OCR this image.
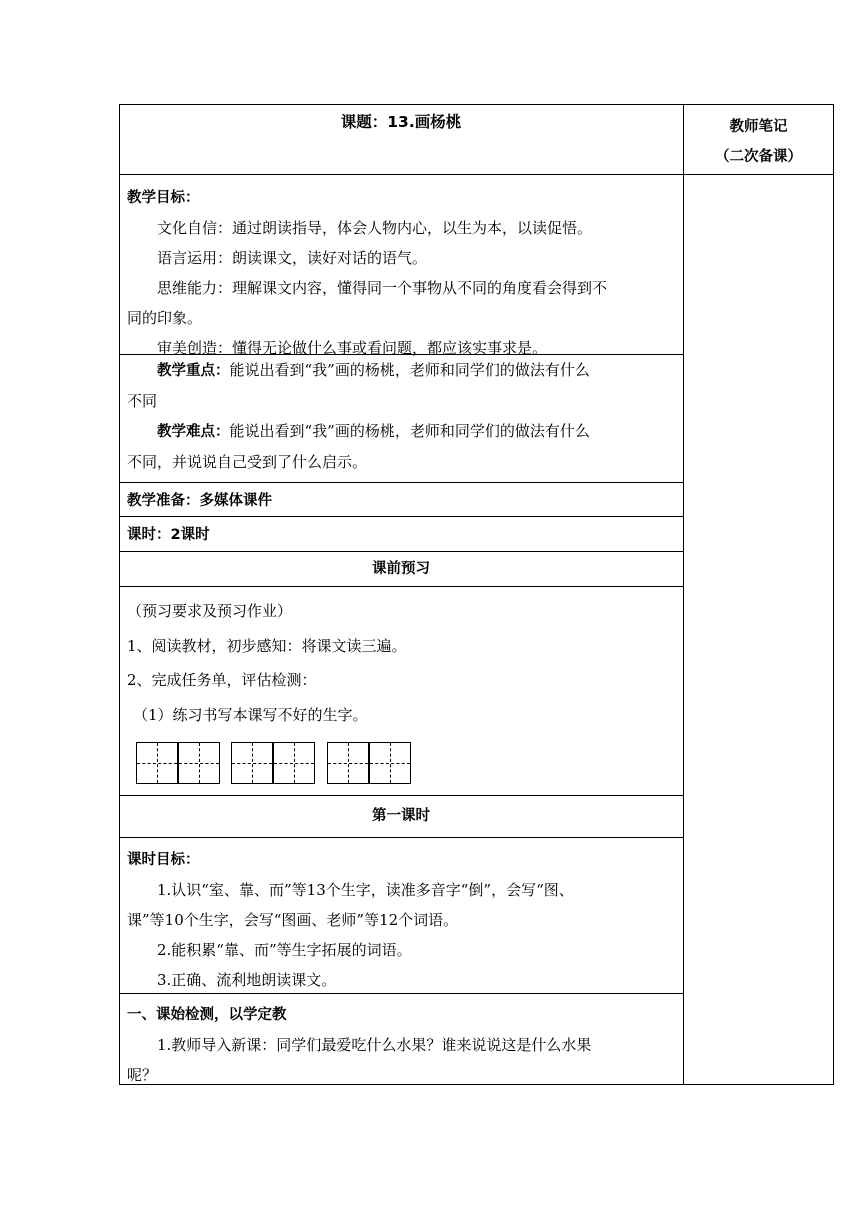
课题：13.画杨桃	教师笔记

（二次备课）

教学目标：

文化自信：通过朗读指导，体会人物内心，以生为本，以读促悟。

语言运用：朗读课文，读好对话的语气。

思维能力：理解课文内容，懂得同一个事物从不同的角度看会得到不

同的印象。

审美创造：懂得无论做什么事或看问题，都应该实事求是。

教学重点：能说出看到“我”画的杨桃，老师和同学们的做法有什么

不同

教学难点：能说出看到“我”画的杨桃，老师和同学们的做法有什么

不同，并说说自己受到了什么启示。

教学准备：多媒体课件

课时：2课时

课前预习

（预习要求及预习作业）

1、阅读教材，初步感知：将课文读三遍。

2、完成任务单，评估检测：

（1）练习书写本课写不好的生字。

第一课时

课时目标：

1.认识“室、靠、而”等13个生字，读准多音字“倒”，会写“图、

课”等10个生字，会写“图画、老师”等12个词语。

2.能积累“靠、而”等生字拓展的词语。

3.正确、流利地朗读课文。

一、课始检测，以学定教

1.教师导入新课：同学们最爱吃什么水果？谁来说说这是什么水果

呢？
